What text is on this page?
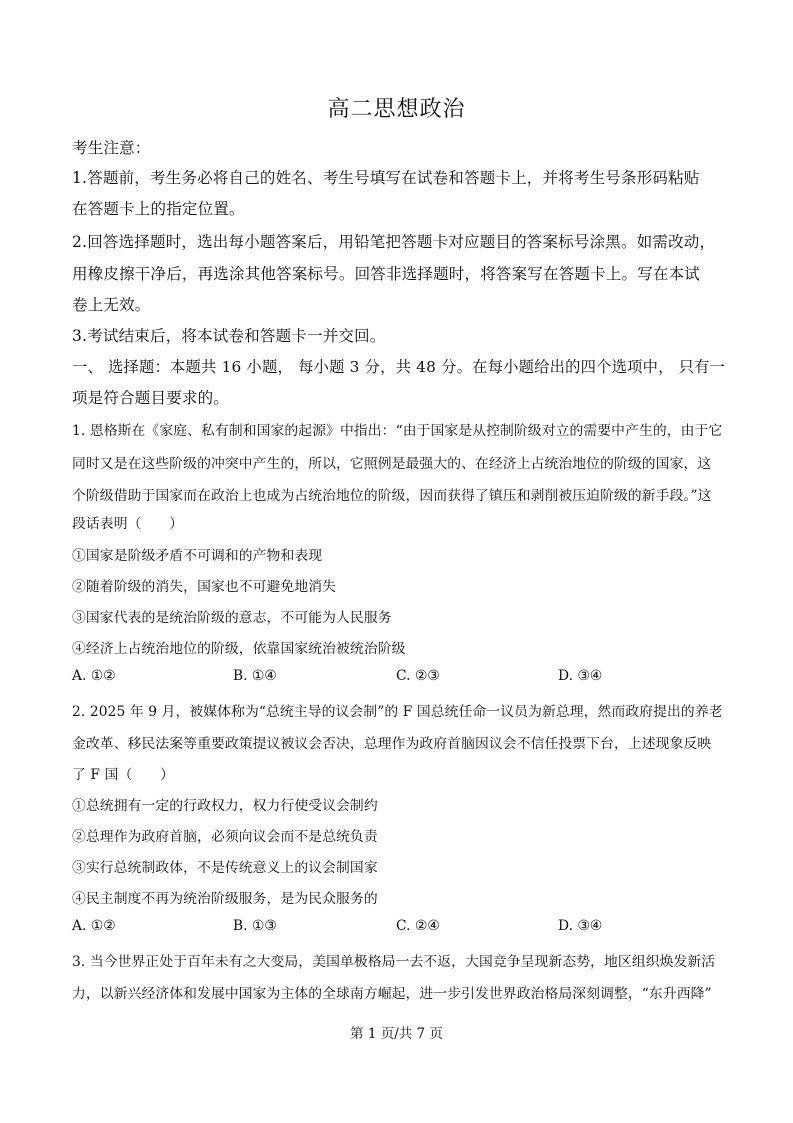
高二思想政治
考生注意：
1.答题前，考生务必将自己的姓名、考生号填写在试卷和答题卡上，并将考生号条形码粘贴
在答题卡上的指定位置。
2.回答选择题时，选出每小题答案后，用铅笔把答题卡对应题目的答案标号涂黑。如需改动，
用橡皮擦干净后，再选涂其他答案标号。回答非选择题时，将答案写在答题卡上。写在本试
卷上无效。
3.考试结束后，将本试卷和答题卡一并交回。
一、 选择题：本题共 16 小题， 每小题 3 分，共 48 分。在每小题给出的四个选项中， 只有一
项是符合题目要求的。
1. 恩格斯在《家庭、私有制和国家的起源》中指出：“由于国家是从控制阶级对立的需要中产生的，由于它
同时又是在这些阶级的冲突中产生的，所以，它照例是最强大的、在经济上占统治地位的阶级的国家，这
个阶级借助于国家而在政治上也成为占统治地位的阶级，因而获得了镇压和剥削被压迫阶级的新手段。”这
段话表明（　　）
①国家是阶级矛盾不可调和的产物和表现
②随着阶级的消失，国家也不可避免地消失
③国家代表的是统治阶级的意志，不可能为人民服务
④经济上占统治地位的阶级，依靠国家统治被统治阶级
A. ①②	B. ①④	C. ②③	D. ③④
2. 2025 年 9 月，被媒体称为“总统主导的议会制”的 F 国总统任命一议员为新总理，然而政府提出的养老
金改革、移民法案等重要政策提议被议会否决，总理作为政府首脑因议会不信任投票下台，上述现象反映
了 F 国（　　）
①总统拥有一定的行政权力，权力行使受议会制约
②总理作为政府首脑，必须向议会而不是总统负责
③实行总统制政体，不是传统意义上的议会制国家
④民主制度不再为统治阶级服务，是为民众服务的
A. ①②	B. ①③	C. ②④	D. ③④
3. 当今世界正处于百年未有之大变局，美国单极格局一去不返，大国竞争呈现新态势，地区组织焕发新活
力，以新兴经济体和发展中国家为主体的全球南方崛起，进一步引发世界政治格局深刻调整，“东升西降”
第 1 页/共 7 页
